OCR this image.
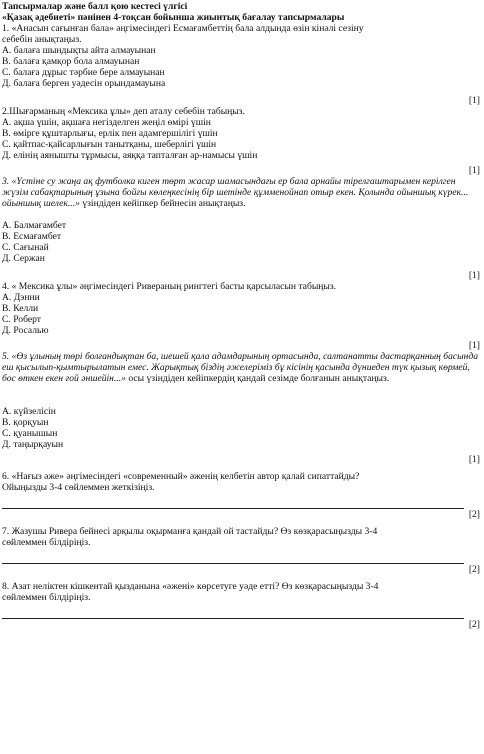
Тапсырмалар және балл қою кестесі үлгісі
«Қазақ әдебиеті» пәнінен 4-тоқсан бойынша жиынтық бағалау тапсырмалары
1. «Анасын сағынған бала» әңгімесіндегі Есмағамбеттің бала алдында өзін кінәлі сезіну
себебін анықтаңыз.
A. балаға шындықты айта алмауынан
B. балаға қамқор бола алмауынан
C. балаға дұрыс тәрбие бере алмауынан
Д. балаға берген уәдесін орындамауына
[1]
2.Шығарманың «Мексика ұлы» деп аталу себебін табыңыз.
A. ақша үшін, ақшаға негізделген жеңіл өмірі үшін
B. өмірге құштарлығы, ерлік пен адамгершілігі үшін
C. қайтпас-қайсарлығын танытқаны, шеберлігі үшін
Д. елінің аянышты тұрмысы, аяққа тапталған ар-намысы үшін
[1]
3. «Үстіне су жаңа ақ футболка киген төрт жасар шамасындағы ер бала арнайы тірелгаштарымен керілген жүзім сабақтарының ұзына бойғы көлеңкесінің бір шетінде құмменойнап отыр екен. Қолында ойыншық күрек... ойыншық шелек...» үзіндіден кейіпкер бейнесін анықтаңыз.
A. Балмағамбет
B. Есмағамбет
C. Сағынай
Д. Сержан
[1]
4. « Мексика ұлы» әңгімесіндегі Ривераның рингтегі басты қарсыласын табыңыз.
A. Дэнни
B. Келли
C. Роберт
Д. Росалью
[1]
5. «Өз ұлының төрі болғандықтан ба, шешей қала адамдарының ортасында, салтанатты дастарқанның басында еш қысылып-қымтырылатын емес. Жарықтық біздің әжелеріміз бұ кісінің қасында дүниеден түк қызық көрмей, бос өткен екен ғой әншейін...» осы үзіндіден кейіпкердің қандай сезімде болғанын анықтаңыз.
A. күйзелісін
B. қорқуын
C. қуанышын
Д. таңырқауын
[1]
6. «Нағыз әже» әңгімесіндегі «современный» әженің келбетін автор қалай сипаттайды?
Ойыңызды 3-4 сөйлеммен жеткізіңіз.
[2]
7. Жазушы Ривера бейнесі арқылы оқырманға қандай ой тастайды? Өз көзқарасыңызды 3-4
сөйлеммен білдіріңіз.
[2]
8. Азат неліктен кішкентай қызданына «әжені» көрсетуге уәде етті? Өз көзқарасыңызды 3-4
сөйлеммен білдіріңіз.
[2]
